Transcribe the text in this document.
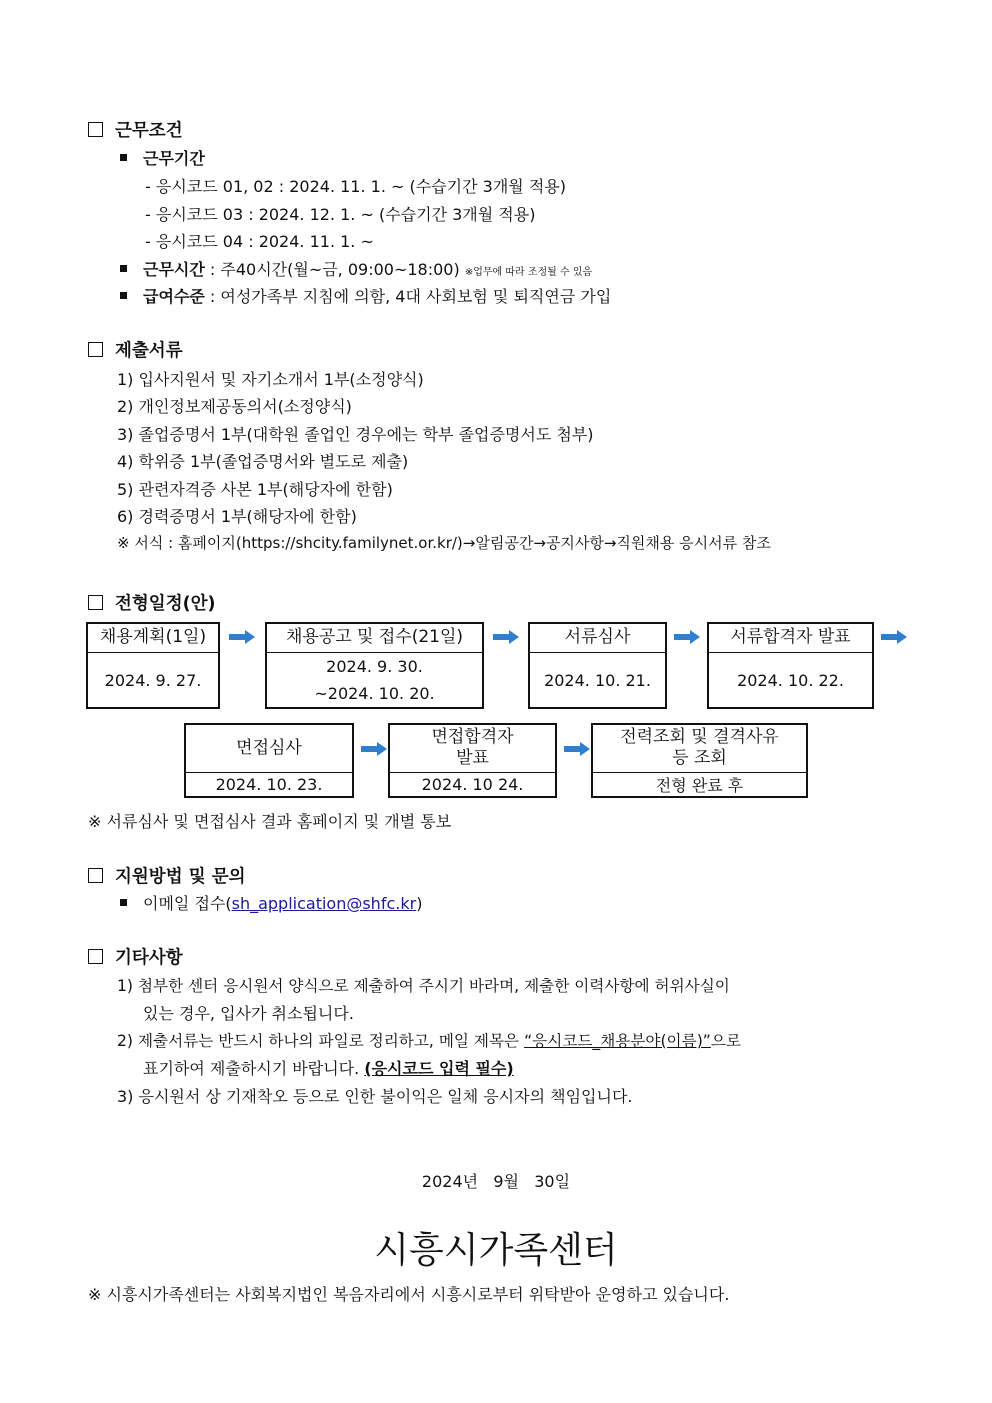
근무조건
근무기간
- 응시코드 01, 02 : 2024. 11. 1. ~ (수습기간 3개월 적용)
- 응시코드 03 : 2024. 12. 1. ~ (수습기간 3개월 적용)
- 응시코드 04 : 2024. 11. 1. ~
근무시간 : 주40시간(월~금, 09:00~18:00) ※업무에 따라 조정될 수 있음
급여수준 : 여성가족부 지침에 의함, 4대 사회보험 및 퇴직연금 가입
제출서류
1) 입사지원서 및 자기소개서 1부(소정양식)
2) 개인정보제공동의서(소정양식)
3) 졸업증명서 1부(대학원 졸업인 경우에는 학부 졸업증명서도 첨부)
4) 학위증 1부(졸업증명서와 별도로 제출)
5) 관련자격증 사본 1부(해당자에 한함)
6) 경력증명서 1부(해당자에 한함)
※ 서식 : 홈페이지(https://shcity.familynet.or.kr/)→알림공간→공지사항→직원채용 응시서류 참조
전형일정(안)
채용계획(1일)
2024. 9. 27.
채용공고 및 접수(21일)
2024. 9. 30.
~2024. 10. 20.
서류심사
2024. 10. 21.
서류합격자 발표
2024. 10. 22.
면접심사
2024. 10. 23.
면접합격자
발표
2024. 10 24.
전력조회 및 결격사유
등 조회
전형 완료 후
※ 서류심사 및 면접심사 결과 홈페이지 및 개별 통보
지원방법 및 문의
이메일 접수(sh_application@shfc.kr)
기타사항
1) 첨부한 센터 응시원서 양식으로 제출하여 주시기 바라며, 제출한 이력사항에 허위사실이
있는 경우, 입사가 취소됩니다.
2) 제출서류는 반드시 하나의 파일로 정리하고, 메일 제목은 “응시코드_채용분야(이름)”으로
표기하여 제출하시기 바랍니다. (응시코드 입력 필수)
3) 응시원서 상 기재착오 등으로 인한 불이익은 일체 응시자의 책임입니다.
2024년   9월   30일
시흥시가족센터
※ 시흥시가족센터는 사회복지법인 복음자리에서 시흥시로부터 위탁받아 운영하고 있습니다.
